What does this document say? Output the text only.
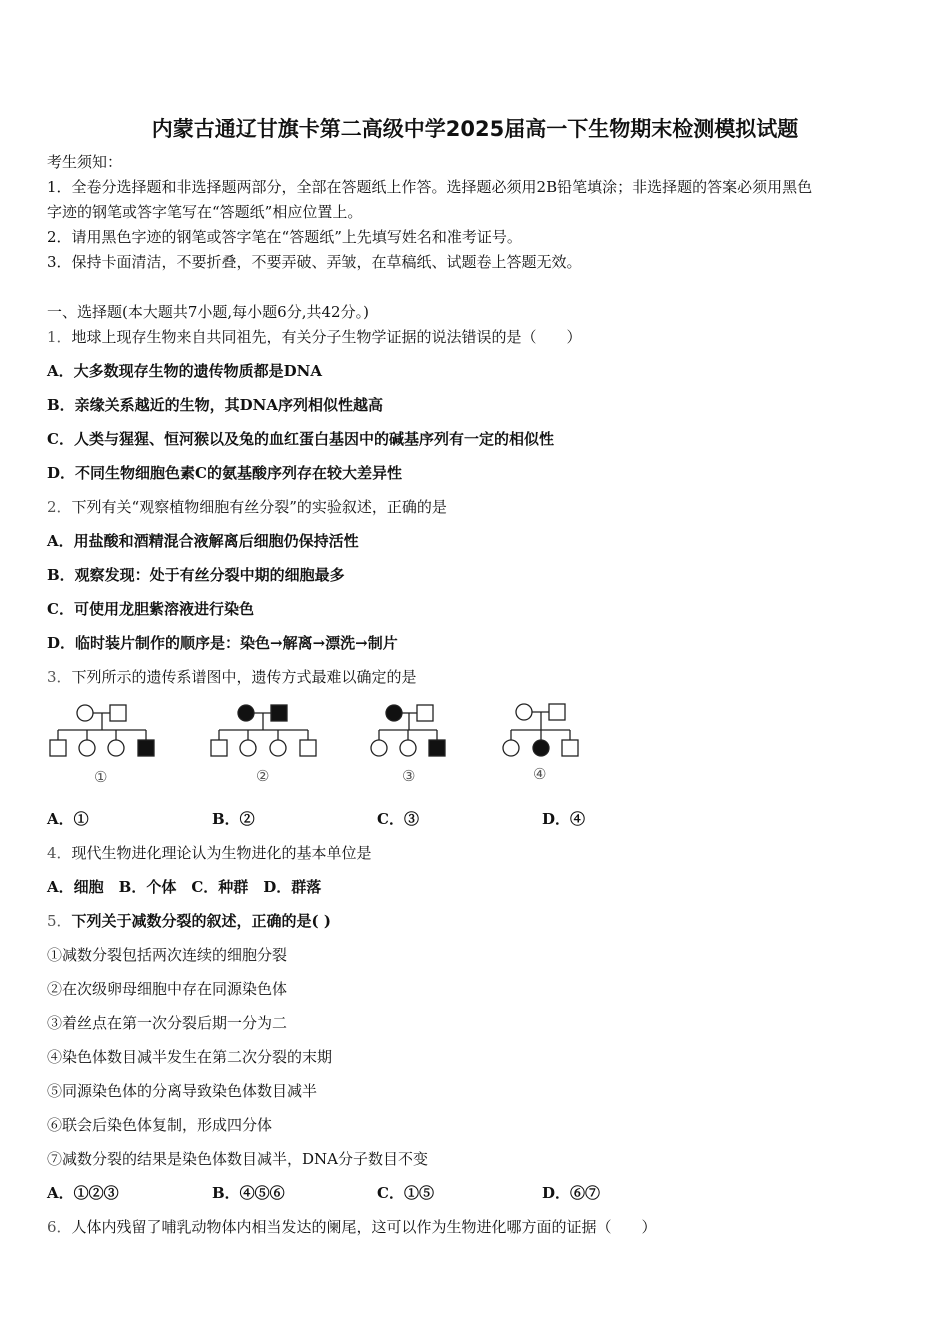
内蒙古通辽甘旗卡第二高级中学2025届高一下生物期末检测模拟试题
考生须知：
1．全卷分选择题和非选择题两部分，全部在答题纸上作答。选择题必须用2B铅笔填涂；非选择题的答案必须用黑色
字迹的钢笔或答字笔写在“答题纸”相应位置上。
2．请用黑色字迹的钢笔或答字笔在“答题纸”上先填写姓名和准考证号。
3．保持卡面清洁，不要折叠，不要弄破、弄皱，在草稿纸、试题卷上答题无效。
一、选择题(本大题共7小题,每小题6分,共42分。)
1．地球上现存生物来自共同祖先，有关分子生物学证据的说法错误的是（　　）
A．大多数现存生物的遗传物质都是DNA
B．亲缘关系越近的生物，其DNA序列相似性越高
C．人类与猩猩、恒河猴以及兔的血红蛋白基因中的碱基序列有一定的相似性
D．不同生物细胞色素C的氨基酸序列存在较大差异性
2．下列有关“观察植物细胞有丝分裂”的实验叙述，正确的是
A．用盐酸和酒精混合液解离后细胞仍保持活性
B．观察发现：处于有丝分裂中期的细胞最多
C．可使用龙胆紫溶液进行染色
D．临时装片制作的顺序是：染色→解离→漂洗→制片
3．下列所示的遗传系谱图中，遗传方式最难以确定的是
①	②	③	④
A．①	B．②	C．③	D．④
4．现代生物进化理论认为生物进化的基本单位是
A．细胞　B．个体　C．种群　D．群落
5．下列关于减数分裂的叙述，正确的是( )
①减数分裂包括两次连续的细胞分裂
②在次级卵母细胞中存在同源染色体
③着丝点在第一次分裂后期一分为二
④染色体数目减半发生在第二次分裂的末期
⑤同源染色体的分离导致染色体数目减半
⑥联会后染色体复制，形成四分体
⑦减数分裂的结果是染色体数目减半，DNA分子数目不变
A．①②③	B．④⑤⑥	C．①⑤	D．⑥⑦
6．人体内残留了哺乳动物体内相当发达的阑尾，这可以作为生物进化哪方面的证据（　　）
